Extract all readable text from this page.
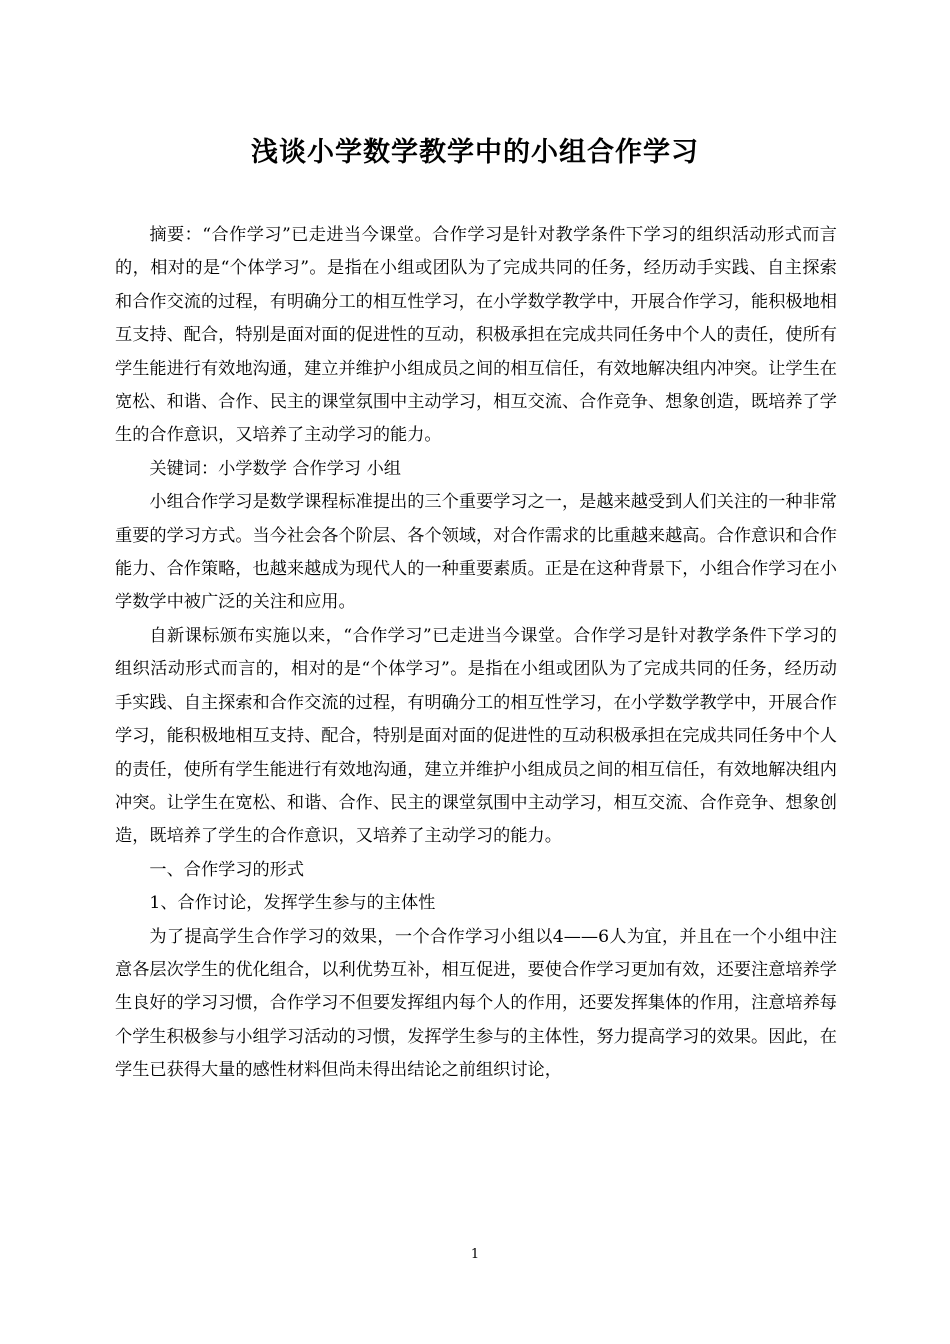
浅谈小学数学教学中的小组合作学习

摘要：“合作学习”已走进当今课堂。合作学习是针对教学条件下学习的组织活动形式而言的，相对的是“个体学习”。是指在小组或团队为了完成共同的任务，经历动手实践、自主探索和合作交流的过程，有明确分工的相互性学习，在小学数学教学中，开展合作学习，能积极地相互支持、配合，特别是面对面的促进性的互动，积极承担在完成共同任务中个人的责任，使所有学生能进行有效地沟通，建立并维护小组成员之间的相互信任，有效地解决组内冲突。让学生在宽松、和谐、合作、民主的课堂氛围中主动学习，相互交流、合作竞争、想象创造，既培养了学生的合作意识，又培养了主动学习的能力。

关键词：小学数学 合作学习 小组

小组合作学习是数学课程标准提出的三个重要学习之一，是越来越受到人们关注的一种非常重要的学习方式。当今社会各个阶层、各个领域，对合作需求的比重越来越高。合作意识和合作能力、合作策略，也越来越成为现代人的一种重要素质。正是在这种背景下，小组合作学习在小学数学中被广泛的关注和应用。

自新课标颁布实施以来，“合作学习”已走进当今课堂。合作学习是针对教学条件下学习的组织活动形式而言的，相对的是“个体学习”。是指在小组或团队为了完成共同的任务，经历动手实践、自主探索和合作交流的过程，有明确分工的相互性学习，在小学数学教学中，开展合作学习，能积极地相互支持、配合，特别是面对面的促进性的互动积极承担在完成共同任务中个人的责任，使所有学生能进行有效地沟通，建立并维护小组成员之间的相互信任，有效地解决组内冲突。让学生在宽松、和谐、合作、民主的课堂氛围中主动学习，相互交流、合作竞争、想象创造，既培养了学生的合作意识，又培养了主动学习的能力。

一、合作学习的形式

1、合作讨论，发挥学生参与的主体性

为了提高学生合作学习的效果，一个合作学习小组以4——6人为宜，并且在一个小组中注意各层次学生的优化组合，以利优势互补，相互促进，要使合作学习更加有效，还要注意培养学生良好的学习习惯，合作学习不但要发挥组内每个人的作用，还要发挥集体的作用，注意培养每个学生积极参与小组学习活动的习惯，发挥学生参与的主体性，努力提高学习的效果。因此，在学生已获得大量的感性材料但尚未得出结论之前组织讨论，

1
